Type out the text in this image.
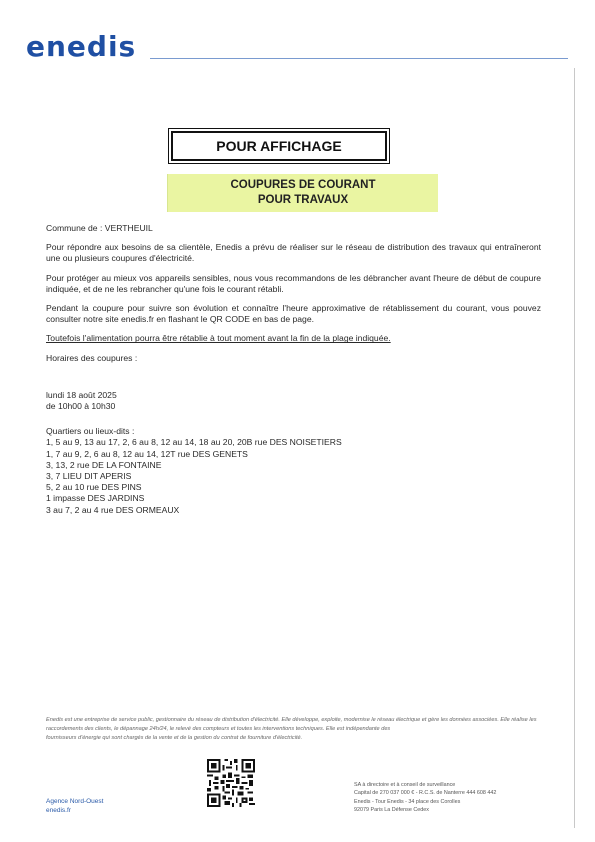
enedis
POUR AFFICHAGE
COUPURES DE COURANT
POUR TRAVAUX

Commune de : VERTHEUIL

Pour répondre aux besoins de sa clientèle, Enedis a prévu de réaliser sur le réseau de distribution des travaux qui entraîneront une ou plusieurs coupures d'électricité.

Pour protéger au mieux vos appareils sensibles, nous vous recommandons de les débrancher avant l'heure de début de coupure indiquée, et de ne les rebrancher qu'une fois le courant rétabli.

Pendant la coupure pour suivre son évolution et connaître l'heure approximative de rétablissement du courant, vous pouvez consulter notre site enedis.fr en flashant le QR CODE en bas de page.

Toutefois l'alimentation pourra être rétablie à tout moment avant la fin de la plage indiquée.

Horaires des coupures :

lundi 18 août 2025
de 10h00 à 10h30
Quartiers ou lieux-dits :
1, 5 au 9, 13 au 17, 2, 6 au 8, 12 au 14, 18 au 20, 20B rue DES NOISETIERS
1, 7 au 9, 2, 6 au 8, 12 au 14, 12T rue DES GENETS
3, 13, 2 rue DE LA FONTAINE
3, 7 LIEU DIT APERIS
5, 2 au 10 rue DES PINS
1 impasse DES JARDINS
3 au 7, 2 au 4 rue DES ORMEAUX
Enedis est une entreprise de service public, gestionnaire du réseau de distribution d'électricité. Elle développe, exploite, modernise le réseau électrique et gère les données associées. Elle réalise les raccordements des clients, le dépannage 24h/24, le relevé des compteurs et toutes les interventions techniques. Elle est indépendante des
fournisseurs d'énergie qui sont chargés de la vente et de la gestion du contrat de fourniture d'électricité.
Agence Nord-Ouest
enedis.fr
SA à directoire et à conseil de surveillance
Capital de 270 037 000 € - R.C.S. de Nanterre 444 608 442
Enedis - Tour Enedis - 34 place des Corolles
92079 Paris La Défense Cedex
